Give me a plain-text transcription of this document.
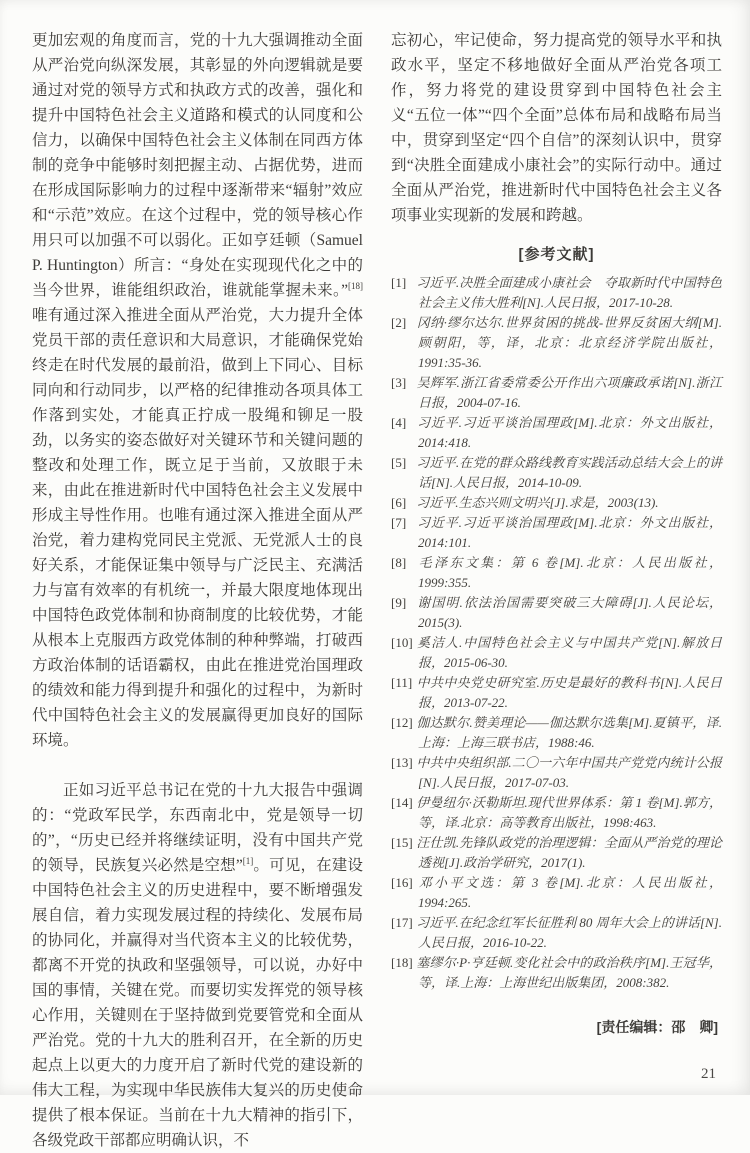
更加宏观的角度而言，党的十九大强调推动全面从严治党向纵深发展，其彰显的外向逻辑就是要通过对党的领导方式和执政方式的改善，强化和提升中国特色社会主义道路和模式的认同度和公信力，以确保中国特色社会主义体制在同西方体制的竞争中能够时刻把握主动、占据优势，进而在形成国际影响力的过程中逐渐带来“辐射”效应和“示范”效应。在这个过程中，党的领导核心作用只可以加强不可以弱化。正如亨廷顿（Samuel P. Huntington）所言：“身处在实现现代化之中的当今世界，谁能组织政治，谁就能掌握未来。”[18]唯有通过深入推进全面从严治党，大力提升全体党员干部的责任意识和大局意识，才能确保党始终走在时代发展的最前沿，做到上下同心、目标同向和行动同步，以严格的纪律推动各项具体工作落到实处，才能真正拧成一股绳和铆足一股劲，以务实的姿态做好对关键环节和关键问题的整改和处理工作，既立足于当前，又放眼于未来，由此在推进新时代中国特色社会主义发展中形成主导性作用。也唯有通过深入推进全面从严治党，着力建构党同民主党派、无党派人士的良好关系，才能保证集中领导与广泛民主、充满活力与富有效率的有机统一，并最大限度地体现出中国特色政党体制和协商制度的比较优势，才能从根本上克服西方政党体制的种种弊端，打破西方政治体制的话语霸权，由此在推进党治国理政的绩效和能力得到提升和强化的过程中，为新时代中国特色社会主义的发展赢得更加良好的国际环境。

正如习近平总书记在党的十九大报告中强调的：“党政军民学，东西南北中，党是领导一切的”，“历史已经并将继续证明，没有中国共产党的领导，民族复兴必然是空想”[1]。可见，在建设中国特色社会主义的历史进程中，要不断增强发展自信，着力实现发展过程的持续化、发展布局的协同化，并赢得对当代资本主义的比较优势，都离不开党的执政和坚强领导，可以说，办好中国的事情，关键在党。而要切实发挥党的领导核心作用，关键则在于坚持做到党要管党和全面从严治党。党的十九大的胜利召开，在全新的历史起点上以更大的力度开启了新时代党的建设新的伟大工程，为实现中华民族伟大复兴的历史使命提供了根本保证。当前在十九大精神的指引下，各级党政干部都应明确认识，不

忘初心，牢记使命，努力提高党的领导水平和执政水平，坚定不移地做好全面从严治党各项工作，努力将党的建设贯穿到中国特色社会主义“五位一体”“四个全面”总体布局和战略布局当中，贯穿到坚定“四个自信”的深刻认识中，贯穿到“决胜全面建成小康社会”的实际行动中。通过全面从严治党，推进新时代中国特色社会主义各项事业实现新的发展和跨越。

[参考文献]
[1] 习近平.决胜全面建成小康社会　夺取新时代中国特色社会主义伟大胜利[N].人民日报，2017-10-28.
[2] 冈纳·缪尔达尔.世界贫困的挑战-世界反贫困大纲[M].顾朝阳，等，译，北京：北京经济学院出版社，1991:35-36.
[3] 吴辉军.浙江省委常委公开作出六项廉政承诺[N].浙江日报，2004-07-16.
[4] 习近平.习近平谈治国理政[M].北京：外文出版社，2014:418.
[5] 习近平.在党的群众路线教育实践活动总结大会上的讲话[N].人民日报，2014-10-09.
[6] 习近平.生态兴则文明兴[J].求是，2003(13).
[7] 习近平.习近平谈治国理政[M].北京：外文出版社，2014:101.
[8] 毛泽东文集：第 6 卷[M].北京：人民出版社，1999:355.
[9] 谢国明.依法治国需要突破三大障碍[J].人民论坛，2015(3).
[10] 奚洁人.中国特色社会主义与中国共产党[N].解放日报，2015-06-30.
[11] 中共中央党史研究室.历史是最好的教科书[N].人民日报，2013-07-22.
[12] 伽达默尔.赞美理论——伽达默尔选集[M].夏镇平，译.上海：上海三联书店，1988:46.
[13] 中共中央组织部.二〇一六年中国共产党党内统计公报[N].人民日报，2017-07-03.
[14] 伊曼纽尔·沃勒斯坦.现代世界体系：第 1 卷[M].郭方，等，译.北京：高等教育出版社，1998:463.
[15] 汪仕凯.先锋队政党的治理逻辑：全面从严治党的理论透视[J].政治学研究，2017(1).
[16] 邓小平文选：第 3 卷[M].北京：人民出版社，1994:265.
[17] 习近平.在纪念红军长征胜利 80 周年大会上的讲话[N].人民日报，2016-10-22.
[18] 塞缪尔·P·亨廷顿.变化社会中的政治秩序[M].王冠华，等，译.上海：上海世纪出版集团，2008:382.
[责任编辑：邵　卿]
21
